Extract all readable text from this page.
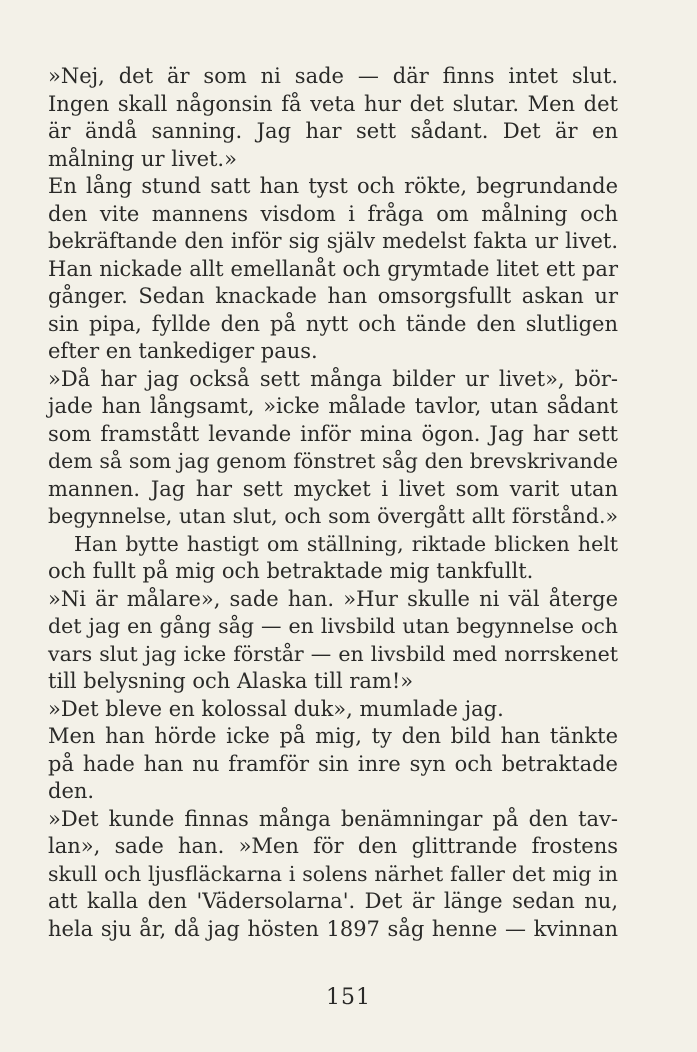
»Nej, det är som ni sade — där finns intet slut.
Ingen skall någonsin få veta hur det slutar. Men det
är ändå sanning. Jag har sett sådant. Det är en
målning ur livet.»
En lång stund satt han tyst och rökte, begrundande
den vite mannens visdom i fråga om målning och
bekräftande den inför sig själv medelst fakta ur livet.
Han nickade allt emellanåt och grymtade litet ett par
gånger. Sedan knackade han omsorgsfullt askan ur
sin pipa, fyllde den på nytt och tände den slutligen
efter en tankediger paus.
»Då har jag också sett många bilder ur livet», bör-
jade han långsamt, »icke målade tavlor, utan sådant
som framstått levande inför mina ögon. Jag har sett
dem så som jag genom fönstret såg den brevskrivande
mannen. Jag har sett mycket i livet som varit utan
begynnelse, utan slut, och som övergått allt förstånd.»
Han bytte hastigt om ställning, riktade blicken helt
och fullt på mig och betraktade mig tankfullt.
»Ni är målare», sade han. »Hur skulle ni väl återge
det jag en gång såg — en livsbild utan begynnelse och
vars slut jag icke förstår — en livsbild med norrskenet
till belysning och Alaska till ram!»
»Det bleve en kolossal duk», mumlade jag.
Men han hörde icke på mig, ty den bild han tänkte
på hade han nu framför sin inre syn och betraktade
den.
»Det kunde finnas många benämningar på den tav-
lan», sade han. »Men för den glittrande frostens
skull och ljusfläckarna i solens närhet faller det mig in
att kalla den 'Vädersolarna'. Det är länge sedan nu,
hela sju år, då jag hösten 1897 såg henne — kvinnan
151
